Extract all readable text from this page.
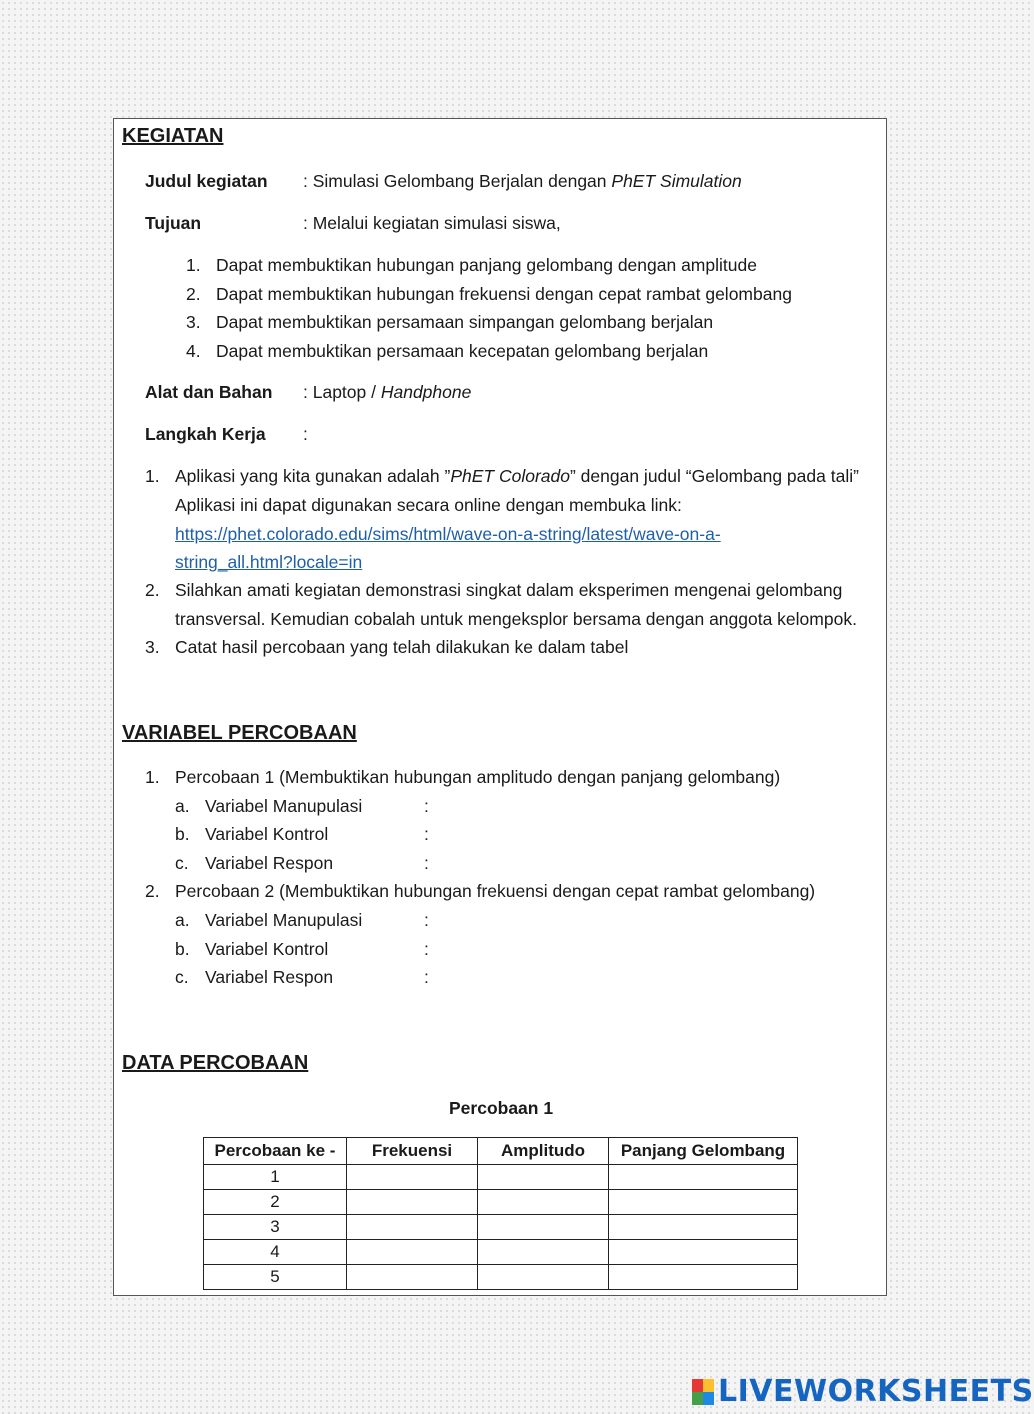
KEGIATAN
Judul kegiatan : Simulasi Gelombang Berjalan dengan PhET Simulation
Tujuan	: Melalui kegiatan simulasi siswa,
1. Dapat membuktikan hubungan panjang gelombang dengan amplitude
2. Dapat membuktikan hubungan frekuensi dengan cepat rambat gelombang
3. Dapat membuktikan persamaan simpangan gelombang berjalan
4. Dapat membuktikan persamaan kecepatan gelombang berjalan
Alat dan Bahan : Laptop / Handphone
Langkah Kerja :
1. Aplikasi yang kita gunakan adalah ”PhET Colorado” dengan judul “Gelombang pada tali”
Aplikasi ini dapat digunakan secara online dengan membuka link:
https://phet.colorado.edu/sims/html/wave-on-a-string/latest/wave-on-a-
string_all.html?locale=in
2. Silahkan amati kegiatan demonstrasi singkat dalam eksperimen mengenai gelombang
transversal. Kemudian cobalah untuk mengeksplor bersama dengan anggota kelompok.
3. Catat hasil percobaan yang telah dilakukan ke dalam tabel
VARIABEL PERCOBAAN
1. Percobaan 1 (Membuktikan hubungan amplitudo dengan panjang gelombang)
a. Variabel Manupulasi	:
b. Variabel Kontrol	:
c. Variabel Respon	:
2. Percobaan 2 (Membuktikan hubungan frekuensi dengan cepat rambat gelombang)
a. Variabel Manupulasi	:
b. Variabel Kontrol	:
c. Variabel Respon	:
DATA PERCOBAAN
Percobaan 1
Percobaan ke -	Frekuensi	Amplitudo	Panjang Gelombang
1			
2			
3			
4			
5			
LIVEWORKSHEETS
